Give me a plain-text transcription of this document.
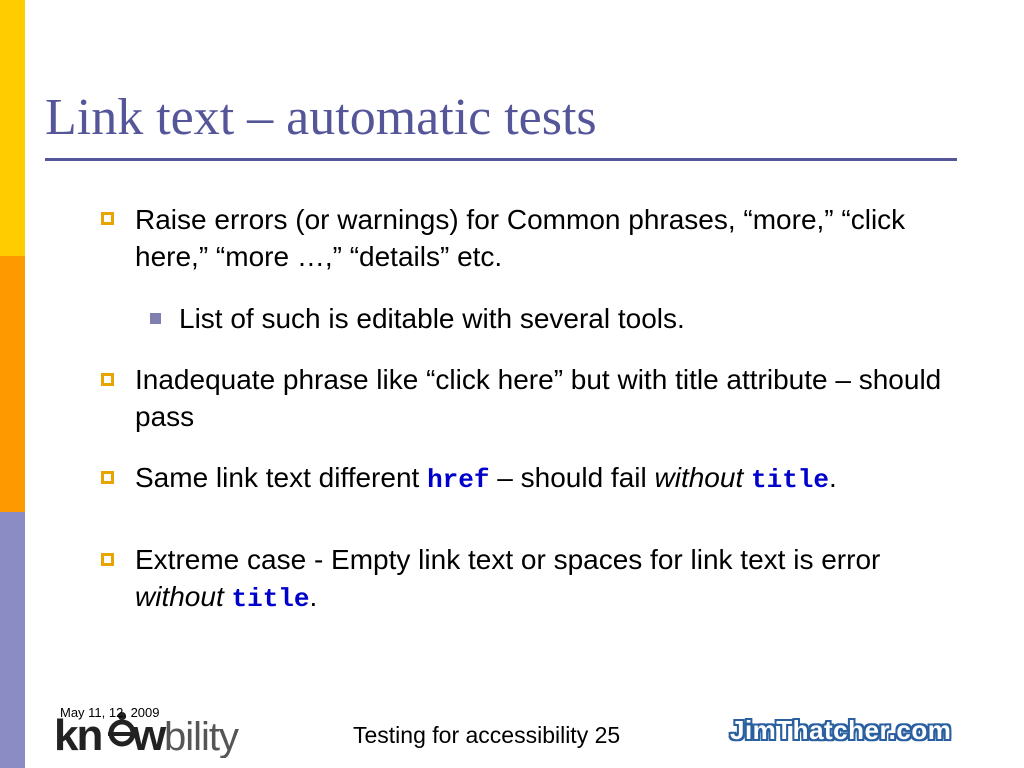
Link text – automatic tests
Raise errors (or warnings) for Common phrases, “more,” “click here,” “more …,” “details” etc.
List of such is editable with several tools.
Inadequate phrase like “click here” but with title attribute – should pass
Same link text different href – should fail without title.
Extreme case - Empty link text or spaces for link text is error without title.
kn w bility
May 11, 12, 2009
Testing for accessibility 25	JimThatcher.com
